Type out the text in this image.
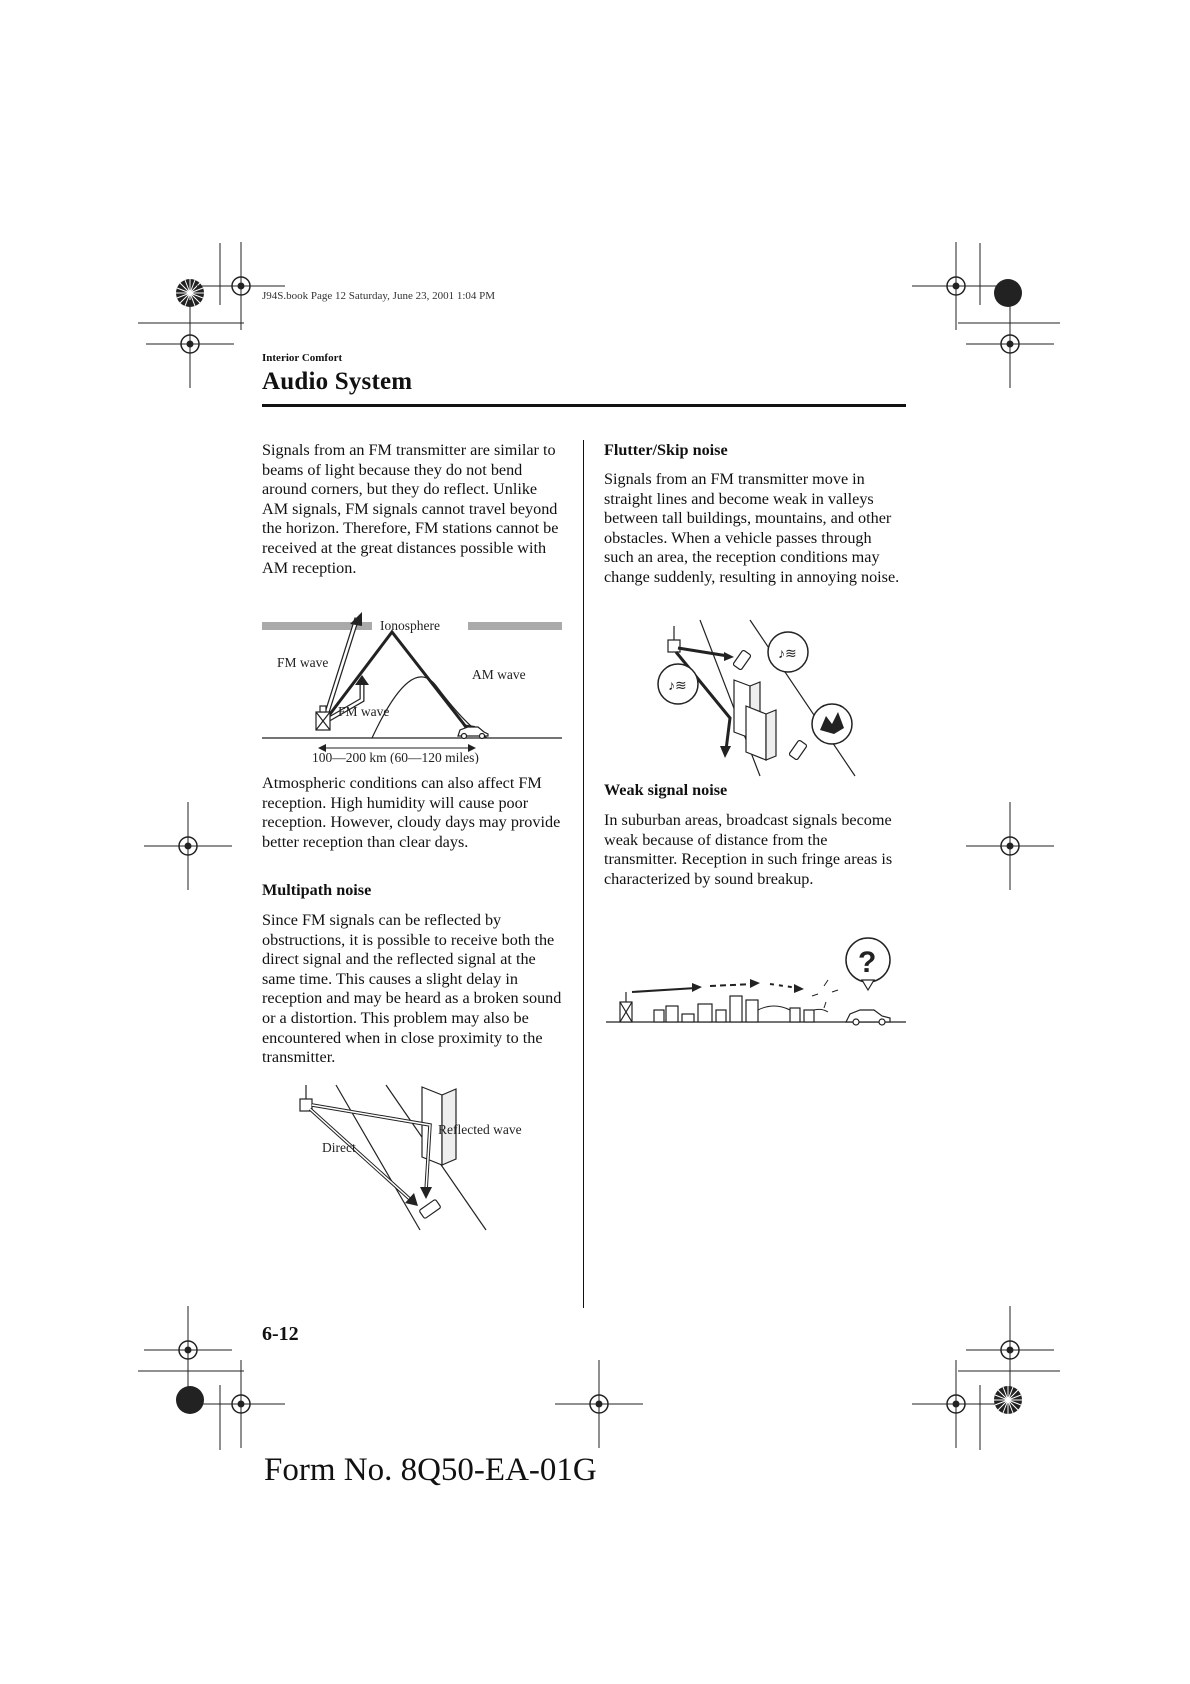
J94S.book Page 12 Saturday, June 23, 2001 1:04 PM
Interior Comfort
Audio System

Signals from an FM transmitter are similar to beams of light because they do not bend around corners, but they do reflect. Unlike AM signals, FM signals cannot travel beyond the horizon. Therefore, FM stations cannot be received at the great distances possible with AM reception.

Ionosphere
FM wave
AM wave
FM wave
100—200 km (60—120 miles)

Atmospheric conditions can also affect FM reception. High humidity will cause poor reception. However, cloudy days may provide better reception than clear days.

Multipath noise

Since FM signals can be reflected by obstructions, it is possible to receive both the direct signal and the reflected signal at the same time. This causes a slight delay in reception and may be heard as a broken sound or a distortion. This problem may also be encountered when in close proximity to the transmitter.

Reflected wave
Direct
Flutter/Skip noise

Signals from an FM transmitter move in straight lines and become weak in valleys between tall buildings, mountains, and other obstacles. When a vehicle passes through such an area, the reception conditions may change suddenly, resulting in annoying noise.

♪≋
♪≋
Weak signal noise

In suburban areas, broadcast signals become weak because of distance from the transmitter. Reception in such fringe areas is characterized by sound breakup.

?
6-12
Form No. 8Q50-EA-01G
